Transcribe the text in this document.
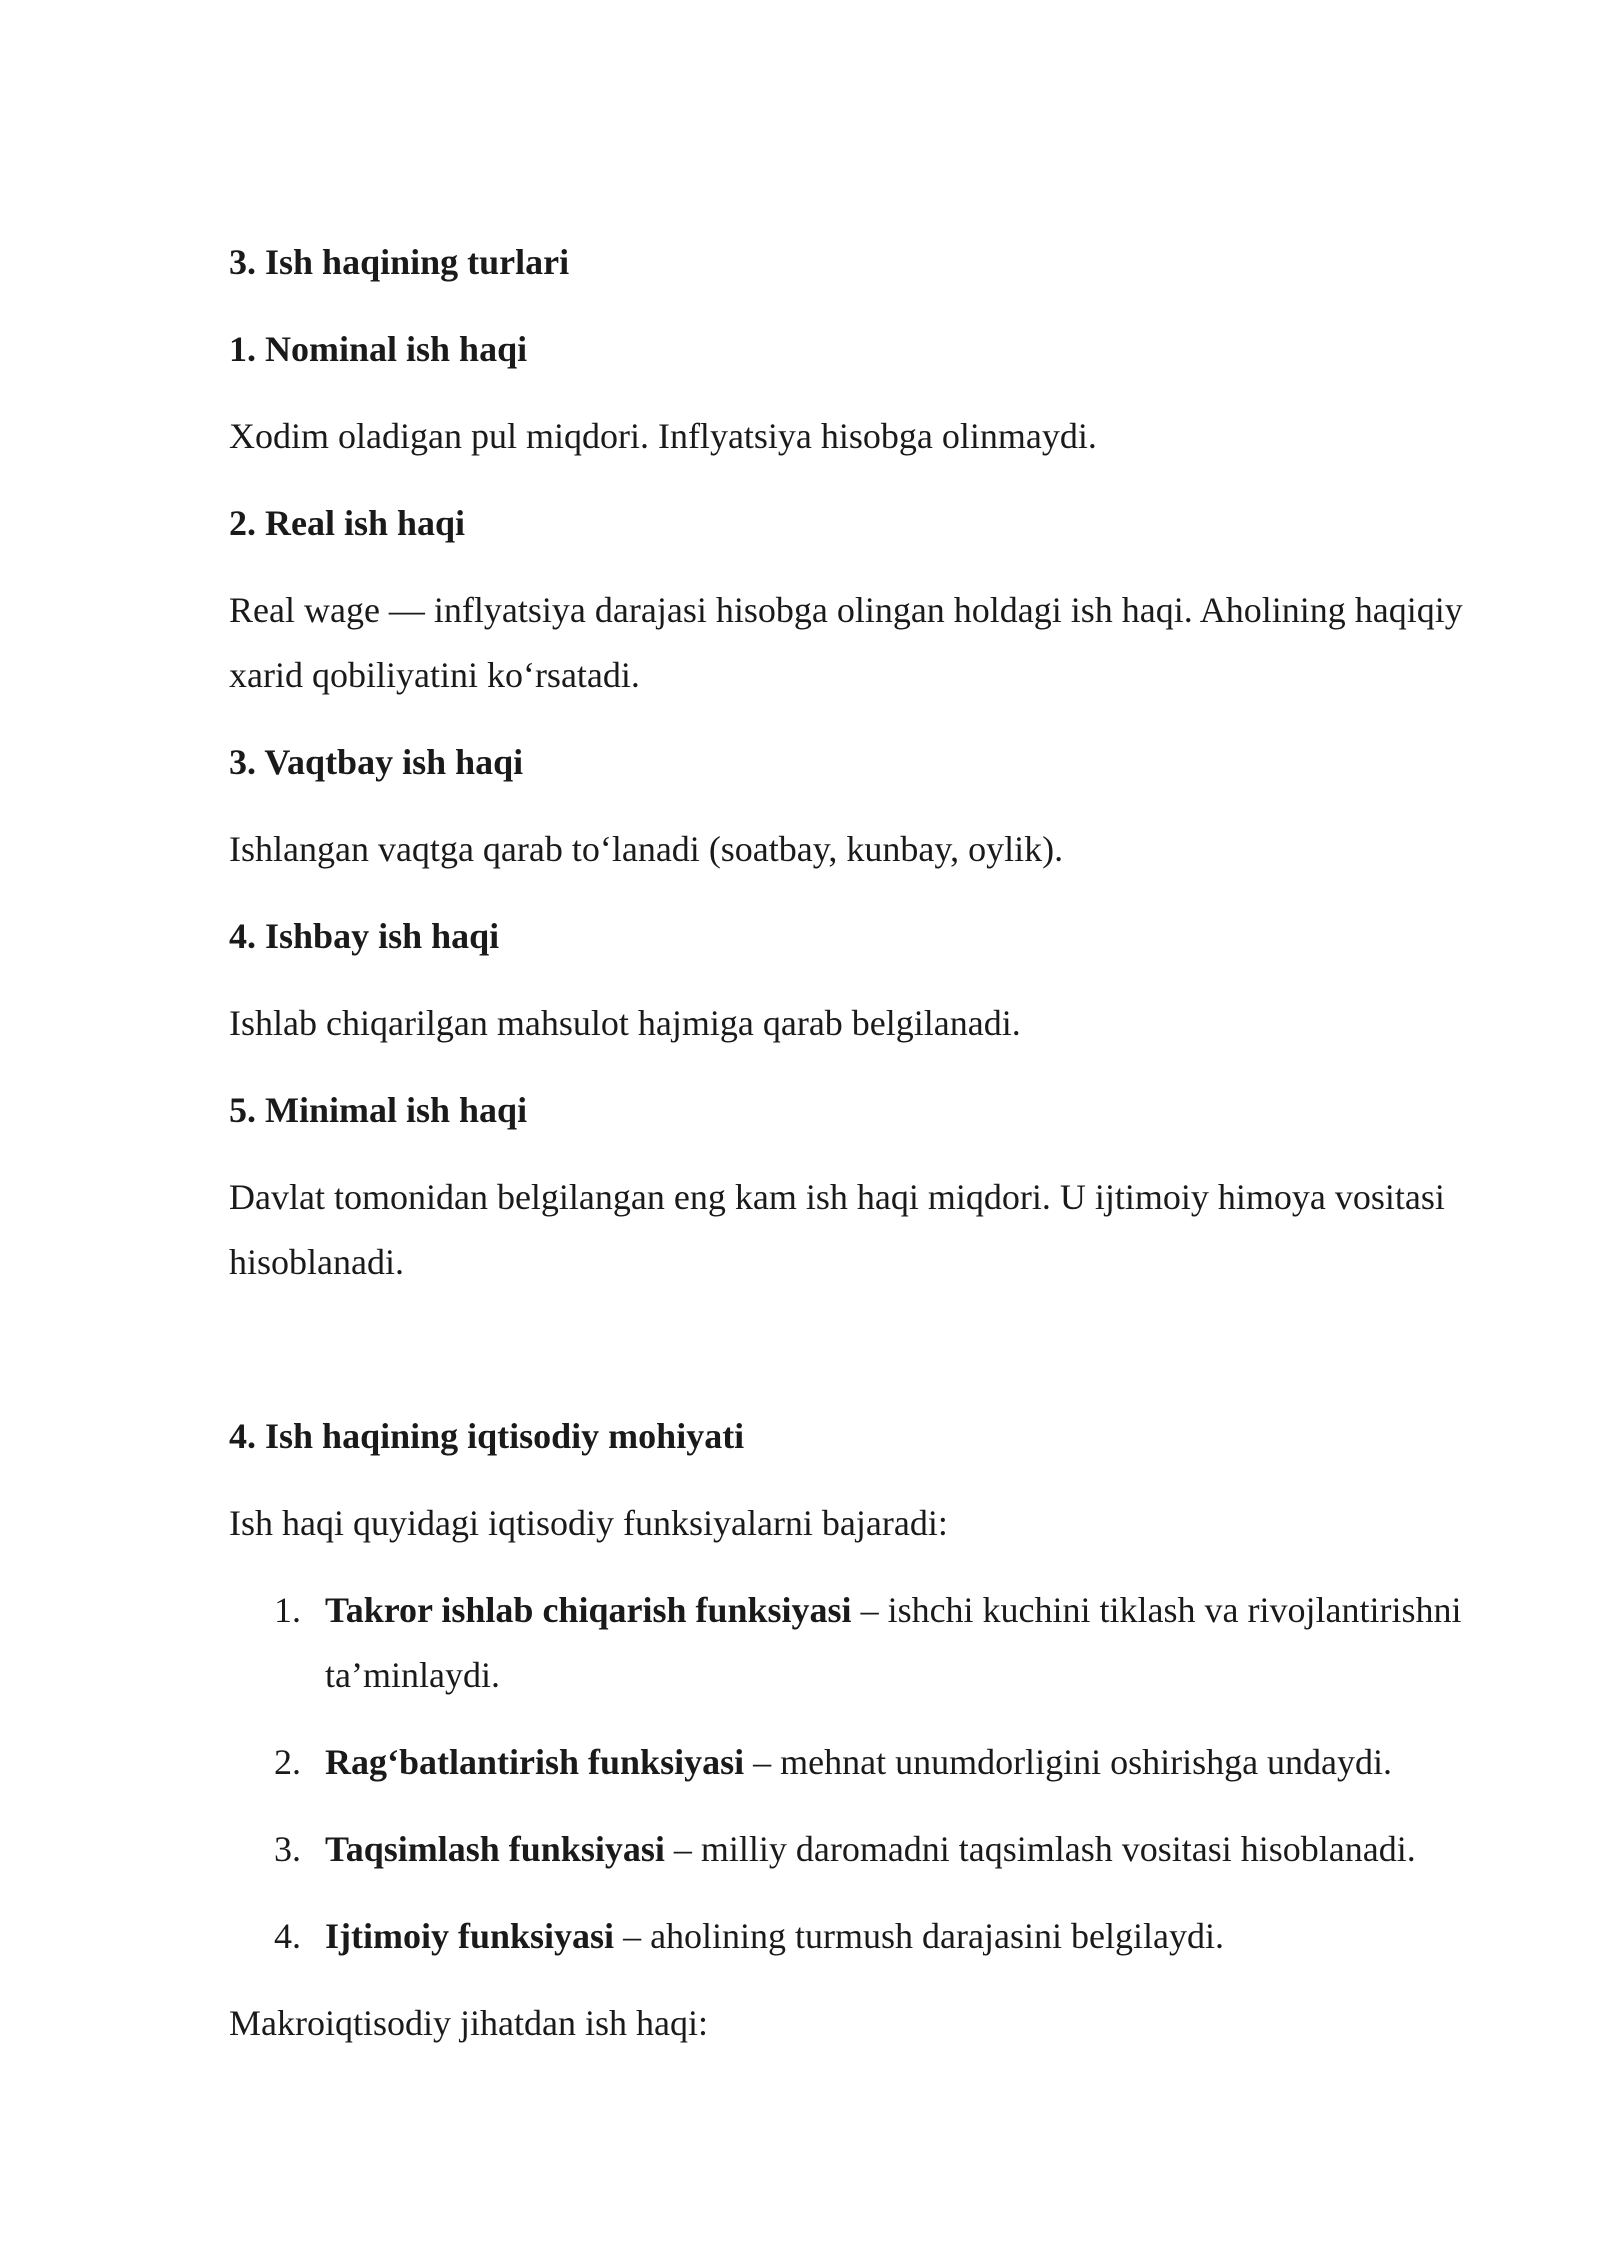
3. Ish haqining turlari
1. Nominal ish haqi
Xodim oladigan pul miqdori. Inflyatsiya hisobga olinmaydi.
2. Real ish haqi
Real wage — inflyatsiya darajasi hisobga olingan holdagi ish haqi. Aholining haqiqiy xarid qobiliyatini ko‘rsatadi.
3. Vaqtbay ish haqi
Ishlangan vaqtga qarab to‘lanadi (soatbay, kunbay, oylik).
4. Ishbay ish haqi
Ishlab chiqarilgan mahsulot hajmiga qarab belgilanadi.
5. Minimal ish haqi
Davlat tomonidan belgilangan eng kam ish haqi miqdori. U ijtimoiy himoya vositasi hisoblanadi.
4. Ish haqining iqtisodiy mohiyati
Ish haqi quyidagi iqtisodiy funksiyalarni bajaradi:
1. Takror ishlab chiqarish funksiyasi – ishchi kuchini tiklash va rivojlantirishni ta’minlaydi.
2. Rag‘batlantirish funksiyasi – mehnat unumdorligini oshirishga undaydi.
3. Taqsimlash funksiyasi – milliy daromadni taqsimlash vositasi hisoblanadi.
4. Ijtimoiy funksiyasi – aholining turmush darajasini belgilaydi.
Makroiqtisodiy jihatdan ish haqi:
